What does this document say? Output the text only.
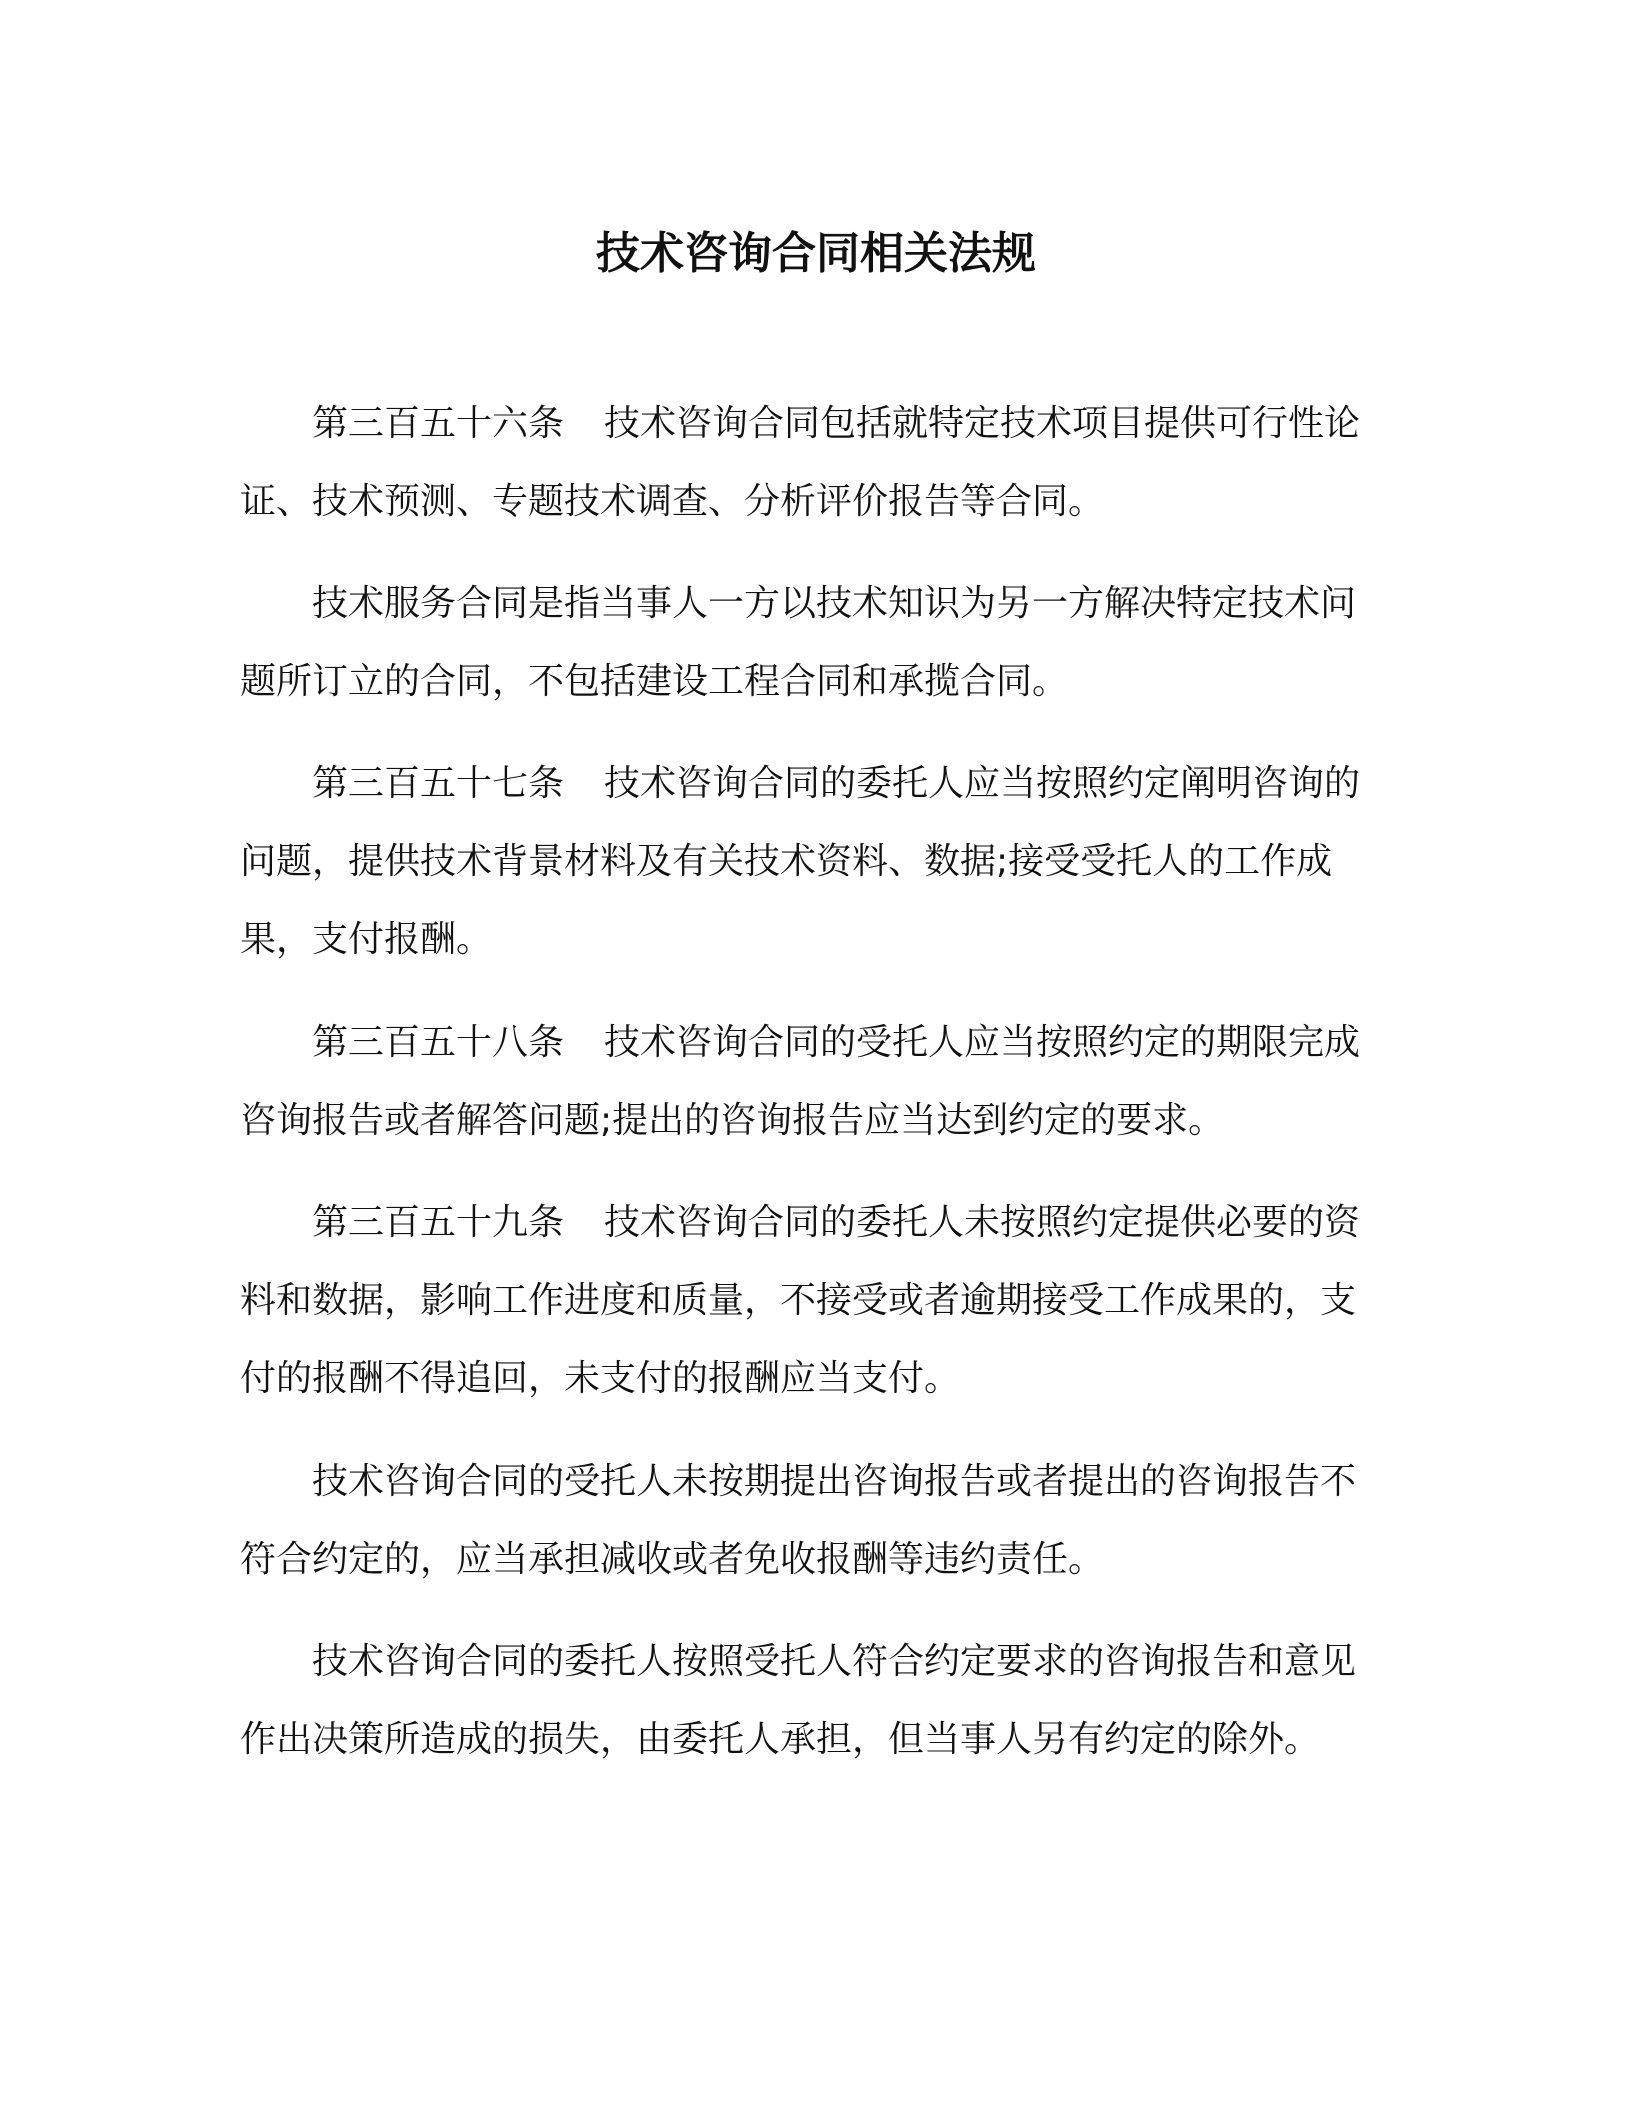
技术咨询合同相关法规

第三百五十六条 技术咨询合同包括就特定技术项目提供可行性论证、技术预测、专题技术调查、分析评价报告等合同。

技术服务合同是指当事人一方以技术知识为另一方解决特定技术问题所订立的合同，不包括建设工程合同和承揽合同。

第三百五十七条 技术咨询合同的委托人应当按照约定阐明咨询的问题，提供技术背景材料及有关技术资料、数据;接受受托人的工作成果，支付报酬。

第三百五十八条 技术咨询合同的受托人应当按照约定的期限完成咨询报告或者解答问题;提出的咨询报告应当达到约定的要求。

第三百五十九条 技术咨询合同的委托人未按照约定提供必要的资料和数据，影响工作进度和质量，不接受或者逾期接受工作成果的，支付的报酬不得追回，未支付的报酬应当支付。

技术咨询合同的受托人未按期提出咨询报告或者提出的咨询报告不符合约定的，应当承担减收或者免收报酬等违约责任。

技术咨询合同的委托人按照受托人符合约定要求的咨询报告和意见作出决策所造成的损失，由委托人承担，但当事人另有约定的除外。
